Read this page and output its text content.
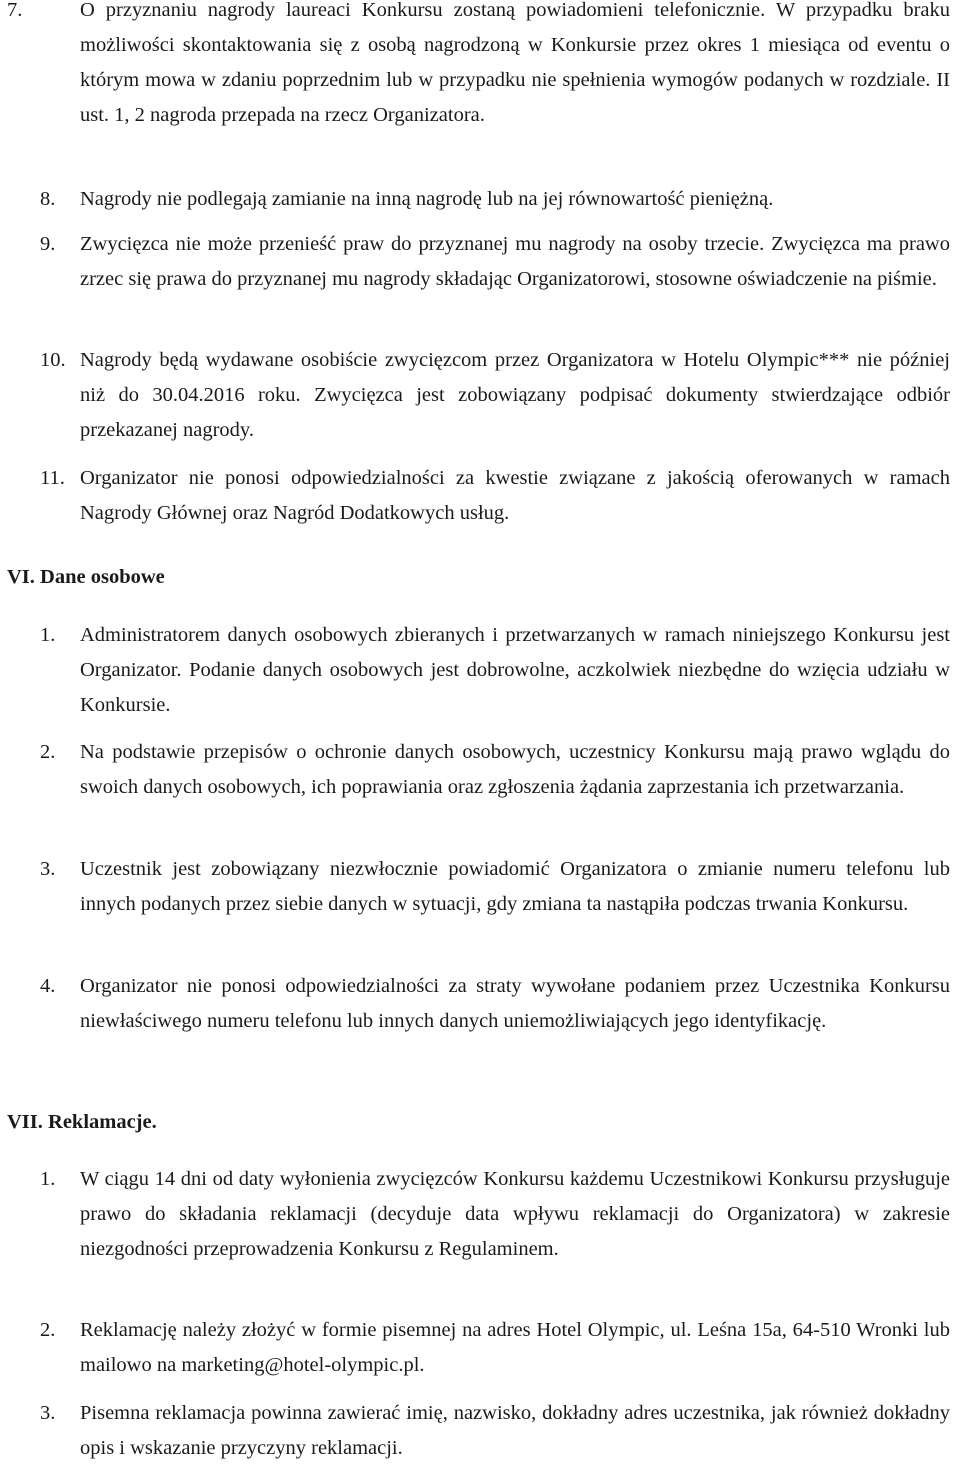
7.	O przyznaniu nagrody laureaci Konkursu zostaną powiadomieni telefonicznie. W przypadku braku możliwości skontaktowania się z osobą nagrodzoną w Konkursie przez okres 1 miesiąca od eventu o którym mowa w zdaniu poprzednim lub w przypadku nie spełnienia wymogów podanych w rozdziale. II ust. 1, 2 nagroda przepada na rzecz Organizatora.
8. Nagrody nie podlegają zamianie na inną nagrodę lub na jej równowartość pieniężną.
9. Zwycięzca nie może przenieść praw do przyznanej mu nagrody na osoby trzecie. Zwycięzca ma prawo zrzec się prawa do przyznanej mu nagrody składając Organizatorowi, stosowne oświadczenie na piśmie.
10. Nagrody będą wydawane osobiście zwycięzcom przez Organizatora w Hotelu Olympic*** nie później niż do 30.04.2016 roku. Zwycięzca jest zobowiązany podpisać dokumenty stwierdzające odbiór przekazanej nagrody.
11. Organizator nie ponosi odpowiedzialności za kwestie związane z jakością oferowanych w ramach Nagrody Głównej oraz Nagród Dodatkowych usług.
VI. Dane osobowe
1. Administratorem danych osobowych zbieranych i przetwarzanych w ramach niniejszego Konkursu jest Organizator. Podanie danych osobowych jest dobrowolne, aczkolwiek niezbędne do wzięcia udziału w Konkursie.
2. Na podstawie przepisów o ochronie danych osobowych, uczestnicy Konkursu mają prawo wglądu do swoich danych osobowych, ich poprawiania oraz zgłoszenia żądania zaprzestania ich przetwarzania.
3. Uczestnik jest zobowiązany niezwłocznie powiadomić Organizatora o zmianie numeru telefonu lub innych podanych przez siebie danych w sytuacji, gdy zmiana ta nastąpiła podczas trwania Konkursu.
4. Organizator nie ponosi odpowiedzialności za straty wywołane podaniem przez Uczestnika Konkursu niewłaściwego numeru telefonu lub innych danych uniemożliwiających jego identyfikację.
VII. Reklamacje.
1. W ciągu 14 dni od daty wyłonienia zwycięzców Konkursu każdemu Uczestnikowi Konkursu przysługuje prawo do składania reklamacji (decyduje data wpływu reklamacji do Organizatora) w zakresie niezgodności przeprowadzenia Konkursu z Regulaminem.
2. Reklamację należy złożyć w formie pisemnej na adres Hotel Olympic, ul. Leśna 15a, 64-510 Wronki lub mailowo na marketing@hotel-olympic.pl.
3. Pisemna reklamacja powinna zawierać imię, nazwisko, dokładny adres uczestnika, jak również dokładny opis i wskazanie przyczyny reklamacji.
